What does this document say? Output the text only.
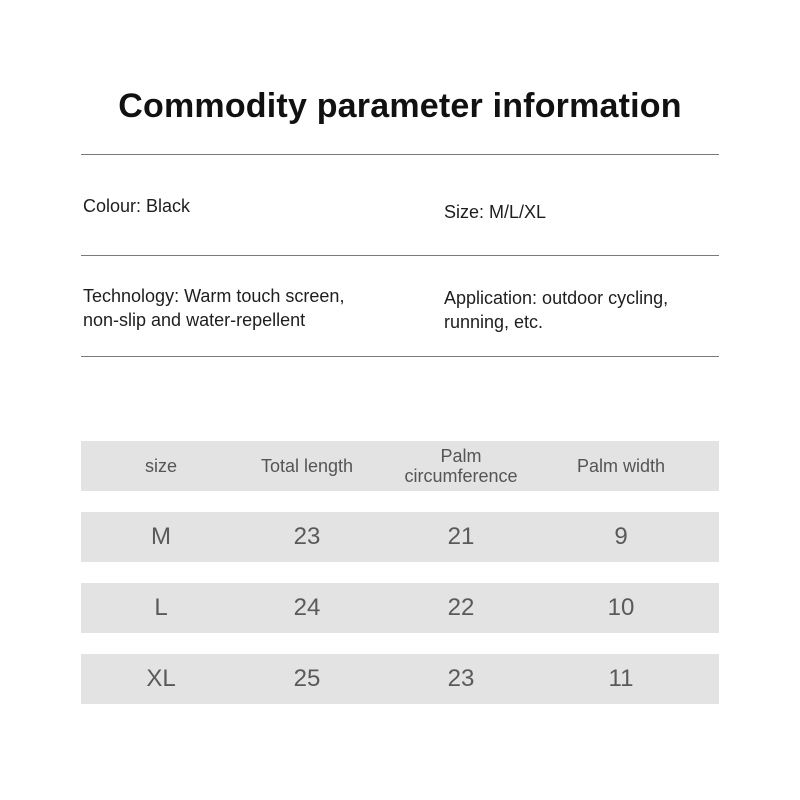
Commodity parameter information
Colour: Black	Size: M/L/XL
Technology: Warm touch screen,
non-slip and water-repellent
Application: outdoor cycling,
running, etc.
size	Total length	Palm circumference	Palm width
M	23	21	9
L	24	22	10
XL	25	23	11
